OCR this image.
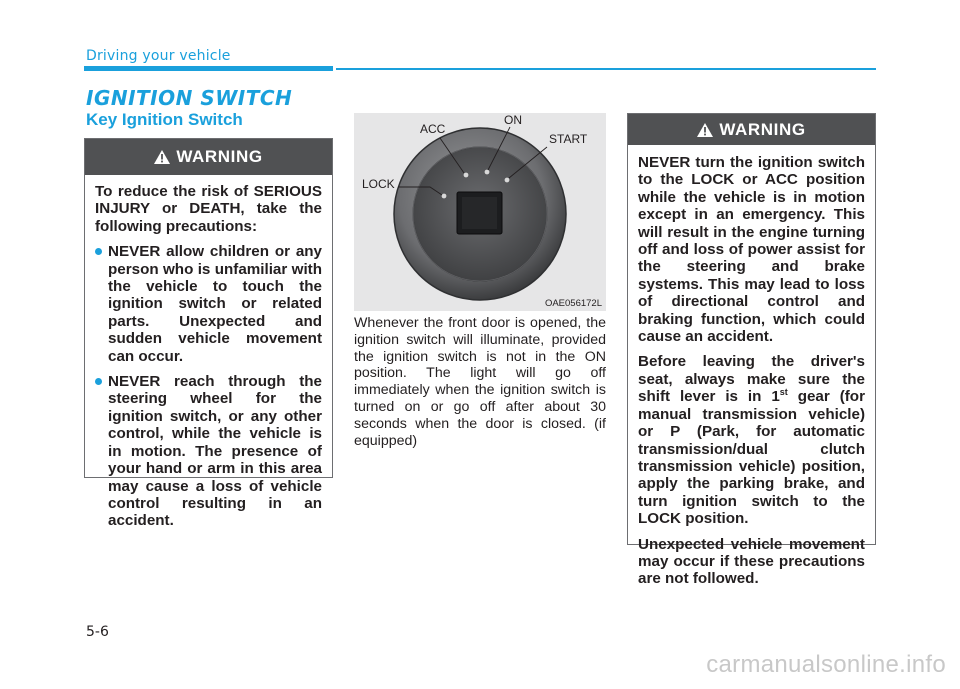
Driving your vehicle
IGNITION SWITCH
Key Ignition Switch
WARNING

To reduce the risk of SERIOUS INJURY or DEATH, take the following precautions:

NEVER allow children or any person who is unfamiliar with the vehicle to touch the ignition switch or related parts. Unexpected and sudden vehicle movement can occur.
NEVER reach through the steering wheel for the ignition switch, or any other control, while the vehicle is in motion. The presence of your hand or arm in this area may cause a loss of vehicle control resulting in an accident.
LOCK
ACC
ON
START
OAE056172L
Whenever the front door is opened, the ignition switch will illuminate, provided the ignition switch is not in the ON position. The light will go off immediately when the ignition switch is turned on or go off after about 30 seconds when the door is closed. (if equipped)
WARNING

NEVER turn the ignition switch to the LOCK or ACC position while the vehicle is in motion except in an emergency. This will result in the engine turning off and loss of power assist for the steering and brake systems. This may lead to loss of directional control and braking function, which could cause an accident.

Before leaving the driver's seat, always make sure the shift lever is in 1st gear (for manual transmission vehicle) or P (Park, for automatic transmission/dual clutch transmission vehicle) position, apply the parking brake, and turn ignition switch to the LOCK position.

Unexpected vehicle movement may occur if these precautions are not followed.

5-6
carmanualsonline.info
